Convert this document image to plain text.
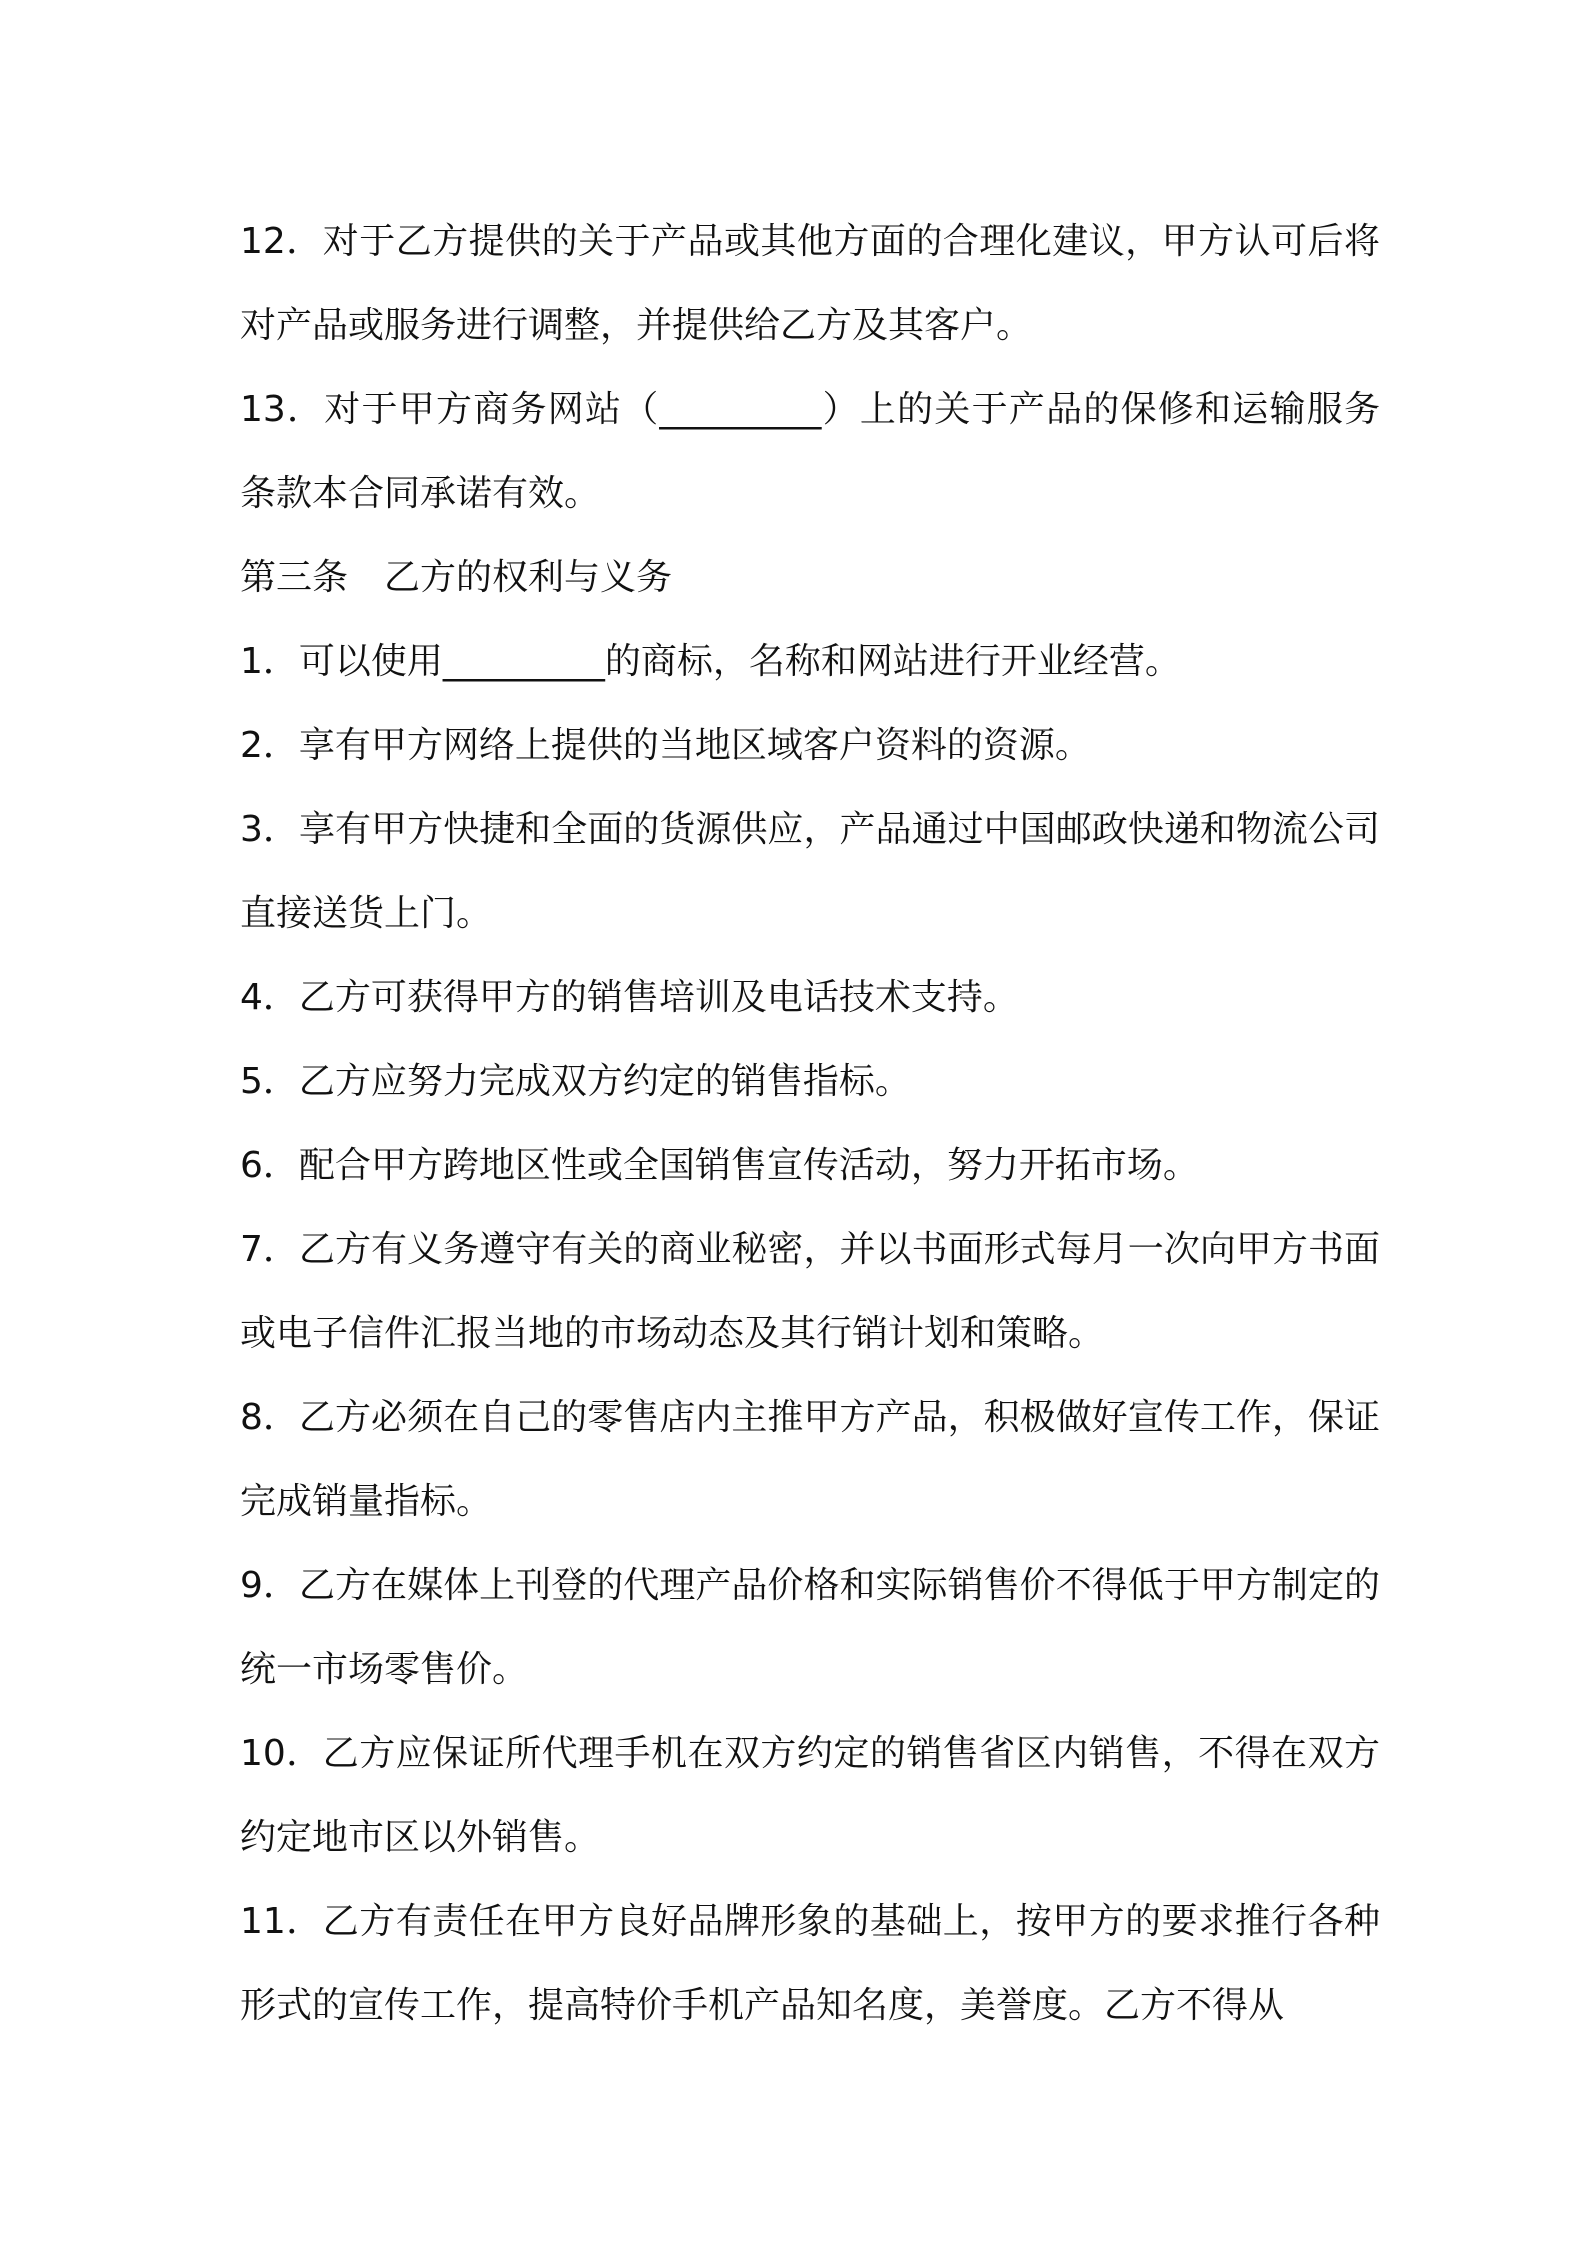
12．对于乙方提供的关于产品或其他方面的合理化建议，甲方认可后将对产品或服务进行调整，并提供给乙方及其客户。

13．对于甲方商务网站（_________）上的关于产品的保修和运输服务条款本合同承诺有效。

第三条　乙方的权利与义务

1．可以使用_________的商标，名称和网站进行开业经营。

2．享有甲方网络上提供的当地区域客户资料的资源。

3．享有甲方快捷和全面的货源供应，产品通过中国邮政快递和物流公司直接送货上门。

4．乙方可获得甲方的销售培训及电话技术支持。

5．乙方应努力完成双方约定的销售指标。

6．配合甲方跨地区性或全国销售宣传活动，努力开拓市场。

7．乙方有义务遵守有关的商业秘密，并以书面形式每月一次向甲方书面或电子信件汇报当地的市场动态及其行销计划和策略。

8．乙方必须在自己的零售店内主推甲方产品，积极做好宣传工作，保证完成销量指标。

9．乙方在媒体上刊登的代理产品价格和实际销售价不得低于甲方制定的统一市场零售价。

10．乙方应保证所代理手机在双方约定的销售省区内销售，不得在双方约定地市区以外销售。

11．乙方有责任在甲方良好品牌形象的基础上，按甲方的要求推行各种形式的宣传工作，提高特价手机产品知名度，美誉度。乙方不得从
